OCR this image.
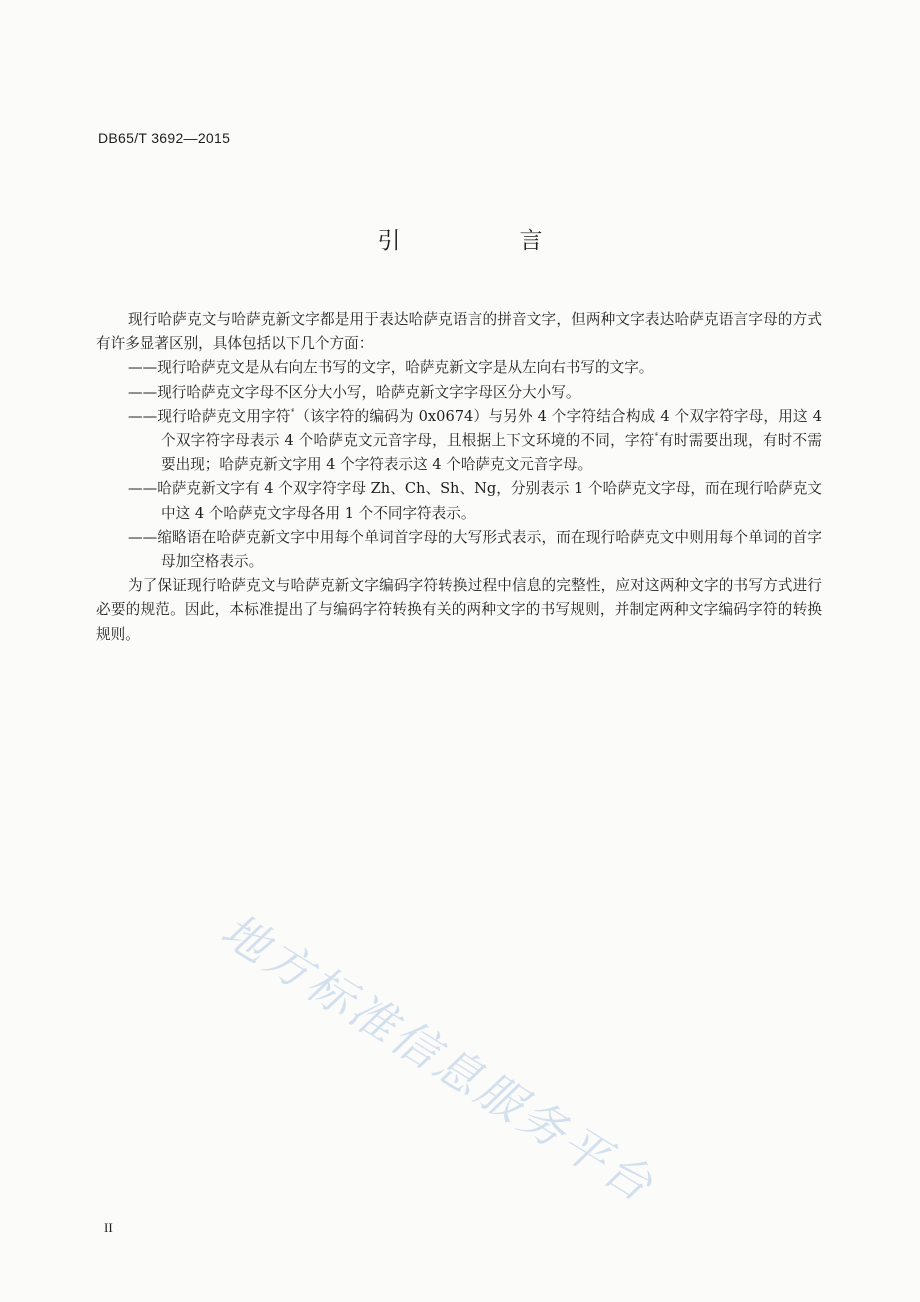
DB65/T 3692—2015
引　言

现行哈萨克文与哈萨克新文字都是用于表达哈萨克语言的拼音文字，但两种文字表达哈萨克语言字母的方式有许多显著区别，具体包括以下几个方面：

——现行哈萨克文是从右向左书写的文字，哈萨克新文字是从左向右书写的文字。

——现行哈萨克文字母不区分大小写，哈萨克新文字字母区分大小写。

——现行哈萨克文用字符ٴ（该字符的编码为 0x0674）与另外 4 个字符结合构成 4 个双字符字母，用这 4 个双字符字母表示 4 个哈萨克文元音字母，且根据上下文环境的不同，字符ٴ有时需要出现，有时不需要出现；哈萨克新文字用 4 个字符表示这 4 个哈萨克文元音字母。

——哈萨克新文字有 4 个双字符字母 Zh、Ch、Sh、Ng，分别表示 1 个哈萨克文字母，而在现行哈萨克文中这 4 个哈萨克文字母各用 1 个不同字符表示。

——缩略语在哈萨克新文字中用每个单词首字母的大写形式表示，而在现行哈萨克文中则用每个单词的首字母加空格表示。

为了保证现行哈萨克文与哈萨克新文字编码字符转换过程中信息的完整性，应对这两种文字的书写方式进行必要的规范。因此，本标准提出了与编码字符转换有关的两种文字的书写规则，并制定两种文字编码字符的转换规则。

地方标准信息服务平台
II
